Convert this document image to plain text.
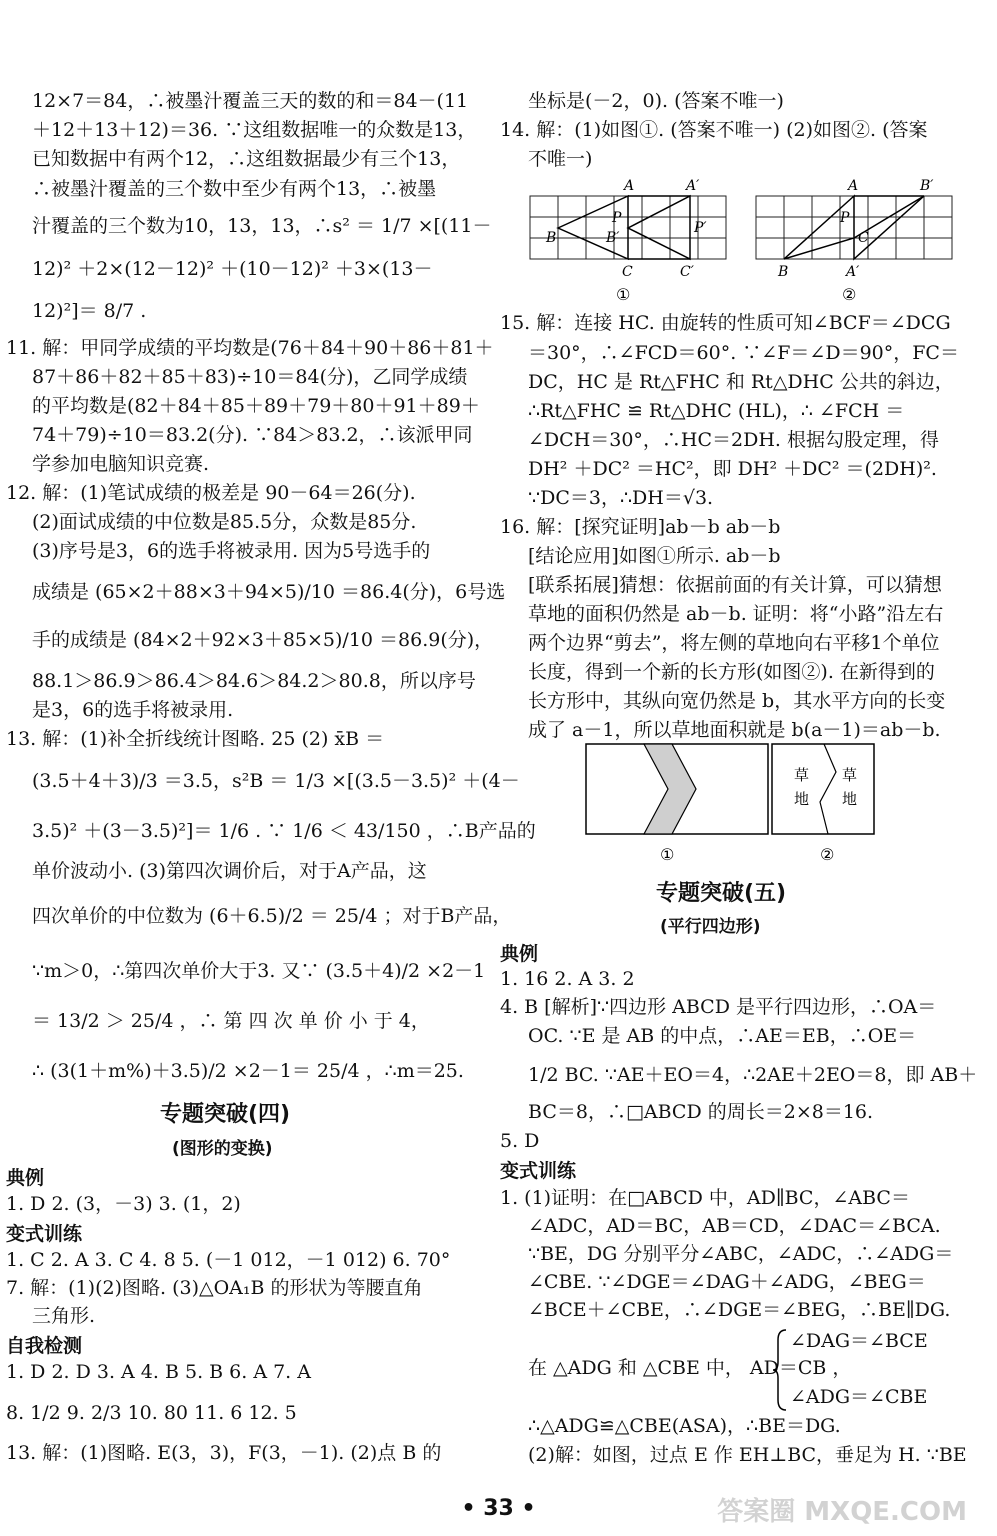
12×7＝84，∴被墨汁覆盖三天的数的和＝84－(11
＋12＋13＋12)＝36. ∵这组数据唯一的众数是13，
已知数据中有两个12，∴这组数据最少有三个13，
∴被墨汁覆盖的三个数中至少有两个13，∴被墨
汁覆盖的三个数为10，13，13，∴s² ＝ 1/7 ×[(11－
12)² ＋2×(12－12)² ＋(10－12)² ＋3×(13－
12)²]＝ 8/7 .
11. 解：甲同学成绩的平均数是(76＋84＋90＋86＋81＋
87＋86＋82＋85＋83)÷10＝84(分)，乙同学成绩
的平均数是(82＋84＋85＋89＋79＋80＋91＋89＋
74＋79)÷10＝83.2(分). ∵84＞83.2，∴该派甲同
学参加电脑知识竞赛.
12. 解：(1)笔试成绩的极差是 90－64＝26(分).
(2)面试成绩的中位数是85.5分，众数是85分.
(3)序号是3，6的选手将被录用. 因为5号选手的
成绩是 (65×2＋88×3＋94×5)/10 ＝86.4(分)，6号选
手的成绩是 (84×2＋92×3＋85×5)/10 ＝86.9(分)，
88.1＞86.9＞86.4＞84.6＞84.2＞80.8，所以序号
是3，6的选手将被录用.
13. 解：(1)补全折线统计图略. 25 (2) x̄B ＝
(3.5＋4＋3)/3 ＝3.5，s²B ＝ 1/3 ×[(3.5－3.5)² ＋(4－
3.5)² ＋(3－3.5)²]＝ 1/6 . ∵ 1/6 ＜ 43/150 ，∴B产品的
单价波动小. (3)第四次调价后，对于A产品，这
四次单价的中位数为 (6＋6.5)/2 ＝ 25/4 ；对于B产品，
∵m＞0，∴第四次单价大于3. 又∵ (3.5＋4)/2 ×2－1
＝ 13/2 ＞ 25/4 ，∴ 第 四 次 单 价 小 于 4，
∴ (3(1＋m%)＋3.5)/2 ×2－1＝ 25/4 ，∴m＝25.
专题突破(四)
(图形的变换)
典例
1. D 2. (3，－3) 3. (1，2)
变式训练
1. C 2. A 3. C 4. 8 5. (－1 012，－1 012) 6. 70°
7. 解：(1)(2)图略. (3)△OA₁B 的形状为等腰直角
三角形.
自我检测
1. D 2. D 3. A 4. B 5. B 6. A 7. A
8. 1/2 9. 2/3 10. 80 11. 6 12. 5
13. 解：(1)图略. E(3，3)，F(3，－1). (2)点 B 的
坐标是(－2，0). (答案不唯一)
14. 解：(1)如图①. (答案不唯一) (2)如图②. (答案
不唯一)
A	A′
P
P′
B	B′
C	C′
A	B′
P
C
B	A′
①	②
15. 解：连接 HC. 由旋转的性质可知∠BCF＝∠DCG
＝30°，∴∠FCD＝60°. ∵∠F＝∠D＝90°，FC＝
DC，HC 是 Rt△FHC 和 Rt△DHC 公共的斜边，
∴Rt△FHC ≌ Rt△DHC (HL)，∴ ∠FCH ＝
∠DCH＝30°，∴HC＝2DH. 根据勾股定理，得
DH² ＋DC² ＝HC²，即 DH² ＋DC² ＝(2DH)².
∵DC＝3，∴DH＝√3.
16. 解：[探究证明]ab－b ab－b
[结论应用]如图①所示. ab－b
[联系拓展]猜想：依据前面的有关计算，可以猜想
草地的面积仍然是 ab－b. 证明：将“小路”沿左右
两个边界“剪去”，将左侧的草地向右平移1个单位
长度，得到一个新的长方形(如图②). 在新得到的
长方形中，其纵向宽仍然是 b，其水平方向的长变
成了 a－1，所以草地面积就是 b(a－1)＝ab－b.
草
地
草
地
①	②
专题突破(五)
(平行四边形)
典例
1. 16 2. A 3. 2
4. B [解析]∵四边形 ABCD 是平行四边形，∴OA＝
OC. ∵E 是 AB 的中点，∴AE＝EB，∴OE＝
1/2 BC. ∵AE＋EO＝4，∴2AE＋2EO＝8，即 AB＋
BC＝8，∴□ABCD 的周长＝2×8＝16.
5. D
变式训练
1. (1)证明：在□ABCD 中，AD∥BC，∠ABC＝
∠ADC，AD＝BC，AB＝CD，∠DAC＝∠BCA.
∵BE，DG 分别平分∠ABC，∠ADC，∴∠ADG＝
∠CBE. ∵∠DGE＝∠DAG＋∠ADG，∠BEG＝
∠BCE＋∠CBE，∴∠DGE＝∠BEG，∴BE∥DG.
∠DAG＝∠BCE
在 △ADG 和 △CBE 中， AD＝CB ，
∠ADG＝∠CBE
∴△ADG≌△CBE(ASA)，∴BE＝DG.
(2)解：如图，过点 E 作 EH⊥BC，垂足为 H. ∵BE
• 33 •	答案圈 MXQE.COM
